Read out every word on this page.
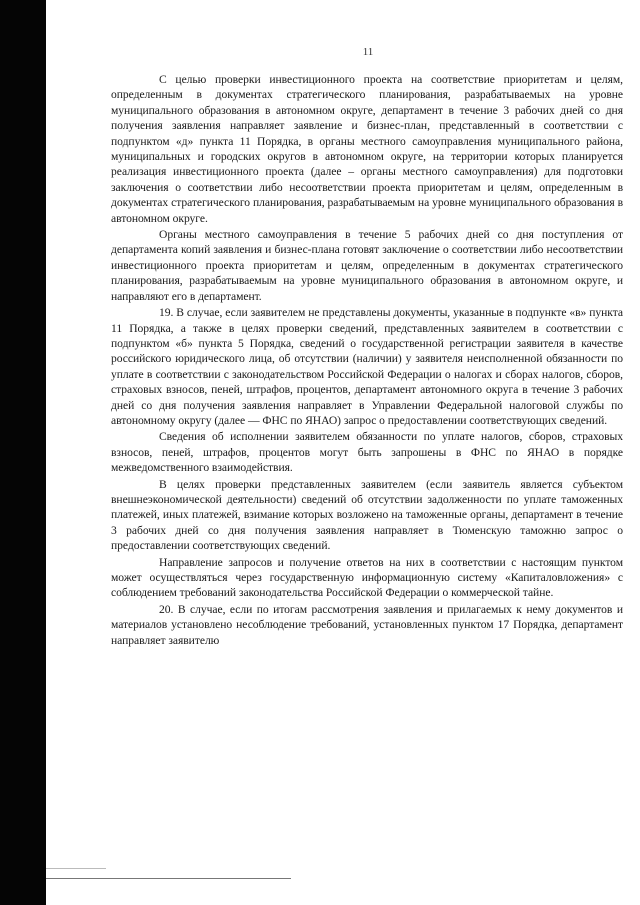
11

С целью проверки инвестиционного проекта на соответствие приоритетам и целям, определенным в документах стратегического планирования, разрабатываемых на уровне муниципального образования в автономном округе, департамент в течение 3 рабочих дней со дня получения заявления направляет заявление и бизнес-план, представленный в соответствии с подпунктом «д» пункта 11 Порядка, в органы местного самоуправления муниципального района, муниципальных и городских округов в автономном округе, на территории которых планируется реализация инвестиционного проекта (далее – органы местного самоуправления) для подготовки заключения о соответствии либо несоответствии проекта приоритетам и целям, определенным в документах стратегического планирования, разрабатываемым на уровне муниципального образования в автономном округе.

Органы местного самоуправления в течение 5 рабочих дней со дня поступления от департамента копий заявления и бизнес-плана готовят заключение о соответствии либо несоответствии инвестиционного проекта приоритетам и целям, определенным в документах стратегического планирования, разрабатываемым на уровне муниципального образования в автономном округе, и направляют его в департамент.

19. В случае, если заявителем не представлены документы, указанные в подпункте «в» пункта 11 Порядка, а также в целях проверки сведений, представленных заявителем в соответствии с подпунктом «б» пункта 5 Порядка, сведений о государственной регистрации заявителя в качестве российского юридического лица, об отсутствии (наличии) у заявителя неисполненной обязанности по уплате в соответствии с законодательством Российской Федерации о налогах и сборах налогов, сборов, страховых взносов, пеней, штрафов, процентов, департамент автономного округа в течение 3 рабочих дней со дня получения заявления направляет в Управлении Федеральной налоговой службы по автономному округу (далее — ФНС по ЯНАО) запрос о предоставлении соответствующих сведений.

Сведения об исполнении заявителем обязанности по уплате налогов, сборов, страховых взносов, пеней, штрафов, процентов могут быть запрошены в ФНС по ЯНАО в порядке межведомственного взаимодействия.

В целях проверки представленных заявителем (если заявитель является субъектом внешнеэкономической деятельности) сведений об отсутствии задолженности по уплате таможенных платежей, иных платежей, взимание которых возложено на таможенные органы, департамент в течение 3 рабочих дней со дня получения заявления направляет в Тюменскую таможню запрос о предоставлении соответствующих сведений.

Направление запросов и получение ответов на них в соответствии с настоящим пунктом может осуществляться через государственную информационную систему «Капиталовложения» с соблюдением требований законодательства Российской Федерации о коммерческой тайне.

20. В случае, если по итогам рассмотрения заявления и прилагаемых к нему документов и материалов установлено несоблюдение требований, установленных пунктом 17 Порядка, департамент направляет заявителю
